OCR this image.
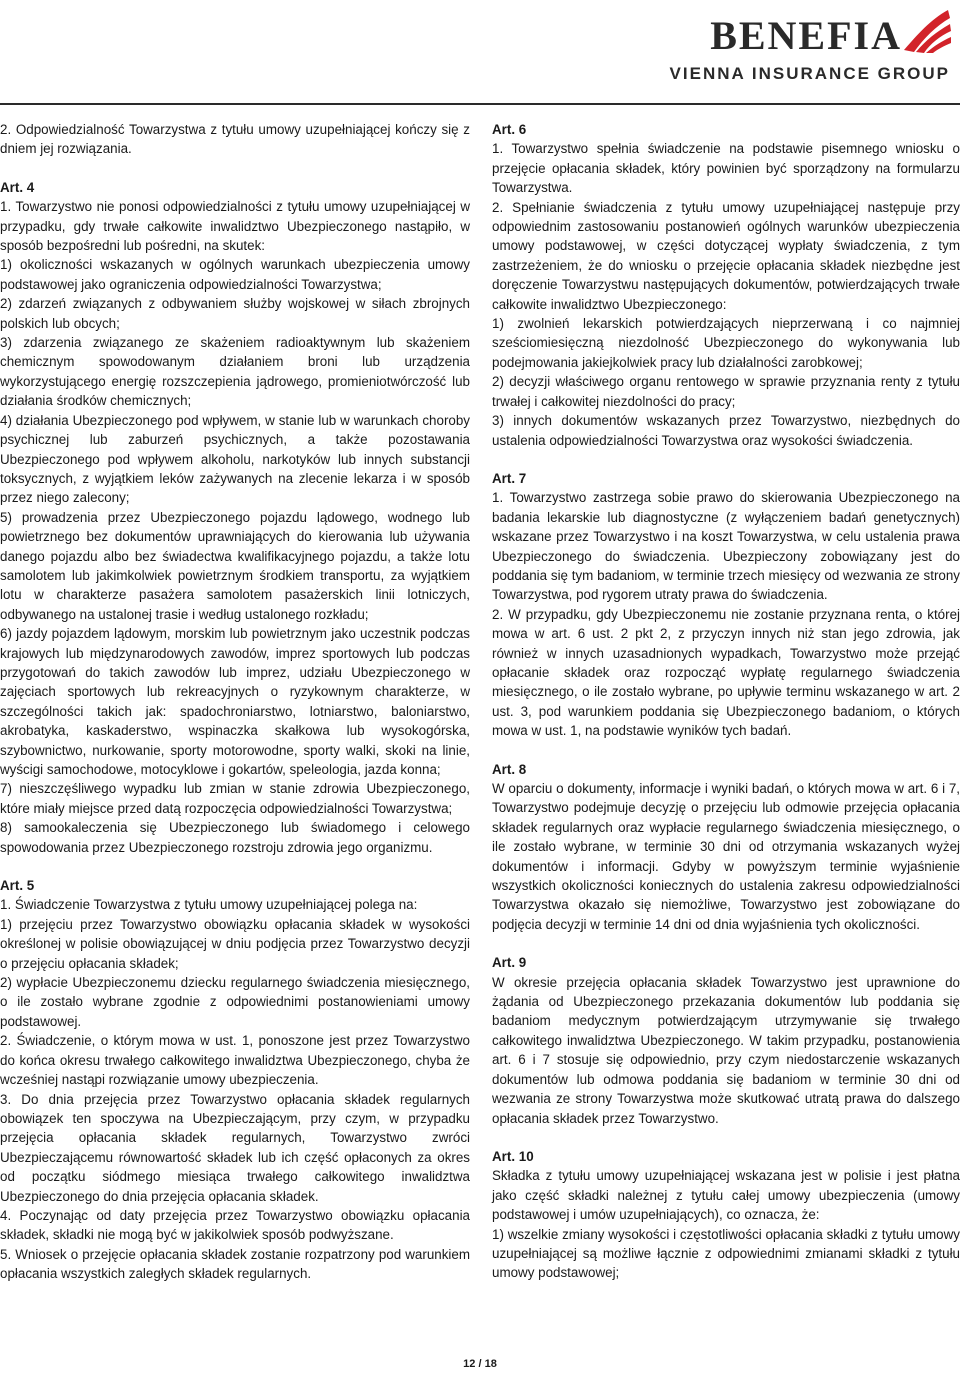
BENEFIA
VIENNA INSURANCE GROUP

2. Odpowiedzialność Towarzystwa z tytułu umowy uzupełniającej kończy się z dniem jej rozwiązania.

Art. 4

1. Towarzystwo nie ponosi odpowiedzialności z tytułu umowy uzupełniającej w przypadku, gdy trwałe całkowite inwalidztwo Ubezpieczonego nastąpiło, w sposób bezpośredni lub pośredni, na skutek:

1) okoliczności wskazanych w ogólnych warunkach ubezpieczenia umowy podstawowej jako ograniczenia odpowiedzialności Towarzystwa;

2) zdarzeń związanych z odbywaniem służby wojskowej w siłach zbrojnych polskich lub obcych;

3) zdarzenia związanego ze skażeniem radioaktywnym lub skażeniem chemicznym spowodowanym działaniem broni lub urządzenia wykorzystującego energię rozszczepienia jądrowego, promieniotwórczość lub działania środków chemicznych;

4) działania Ubezpieczonego pod wpływem, w stanie lub w warunkach choroby psychicznej lub zaburzeń psychicznych, a także pozostawania Ubezpieczonego pod wpływem alkoholu, narkotyków lub innych substancji toksycznych, z wyjątkiem leków zażywanych na zlecenie lekarza i w sposób przez niego zalecony;

5) prowadzenia przez Ubezpieczonego pojazdu lądowego, wodnego lub powietrznego bez dokumentów uprawniających do kierowania lub używania danego pojazdu albo bez świadectwa kwalifikacyjnego pojazdu, a także lotu samolotem lub jakimkolwiek powietrznym środkiem transportu, za wyjątkiem lotu w charakterze pasażera samolotem pasażerskich linii lotniczych, odbywanego na ustalonej trasie i według ustalonego rozkładu;

6) jazdy pojazdem lądowym, morskim lub powietrznym jako uczestnik podczas krajowych lub międzynarodowych zawodów, imprez sportowych lub podczas przygotowań do takich zawodów lub imprez, udziału Ubezpieczonego w zajęciach sportowych lub rekreacyjnych o ryzykownym charakterze, w szczególności takich jak: spadochroniarstwo, lotniarstwo, baloniarstwo, akrobatyka, kaskaderstwo, wspinaczka skałkowa lub wysokogórska, szybownictwo, nurkowanie, sporty motorowodne, sporty walki, skoki na linie, wyścigi samochodowe, motocyklowe i gokartów, speleologia, jazda konna;

7) nieszczęśliwego wypadku lub zmian w stanie zdrowia Ubezpieczonego, które miały miejsce przed datą rozpoczęcia odpowiedzialności Towarzystwa;

8) samookaleczenia się Ubezpieczonego lub świadomego i celowego spowodowania przez Ubezpieczonego rozstroju zdrowia jego organizmu.

Art. 5

1. Świadczenie Towarzystwa z tytułu umowy uzupełniającej polega na:

1) przejęciu przez Towarzystwo obowiązku opłacania składek w wysokości określonej w polisie obowiązującej w dniu podjęcia przez Towarzystwo decyzji o przejęciu opłacania składek;

2) wypłacie Ubezpieczonemu dziecku regularnego świadczenia miesięcznego, o ile zostało wybrane zgodnie z odpowiednimi postanowieniami umowy podstawowej.

2. Świadczenie, o którym mowa w ust. 1, ponoszone jest przez Towarzystwo do końca okresu trwałego całkowitego inwalidztwa Ubezpieczonego, chyba że wcześniej nastąpi rozwiązanie umowy ubezpieczenia.

3. Do dnia przejęcia przez Towarzystwo opłacania składek regularnych obowiązek ten spoczywa na Ubezpieczającym, przy czym, w przypadku przejęcia opłacania składek regularnych, Towarzystwo zwróci Ubezpieczającemu równowartość składek lub ich część opłaconych za okres od początku siódmego miesiąca trwałego całkowitego inwalidztwa Ubezpieczonego do dnia przejęcia opłacania składek.

4. Poczynając od daty przejęcia przez Towarzystwo obowiązku opłacania składek, składki nie mogą być w jakikolwiek sposób podwyższane.

5. Wniosek o przejęcie opłacania składek zostanie rozpatrzony pod warunkiem opłacania wszystkich zaległych składek regularnych.

Art. 6

1. Towarzystwo spełnia świadczenie na podstawie pisemnego wniosku o przejęcie opłacania składek, który powinien być sporządzony na formularzu Towarzystwa.

2. Spełnianie świadczenia z tytułu umowy uzupełniającej następuje przy odpowiednim zastosowaniu postanowień ogólnych warunków ubezpieczenia umowy podstawowej, w części dotyczącej wypłaty świadczenia, z tym zastrzeżeniem, że do wniosku o przejęcie opłacania składek niezbędne jest doręczenie Towarzystwu następujących dokumentów, potwierdzających trwałe całkowite inwalidztwo Ubezpieczonego:

1) zwolnień lekarskich potwierdzających nieprzerwaną i co najmniej sześciomiesięczną niezdolność Ubezpieczonego do wykonywania lub podejmowania jakiejkolwiek pracy lub działalności zarobkowej;

2) decyzji właściwego organu rentowego w sprawie przyznania renty z tytułu trwałej i całkowitej niezdolności do pracy;

3) innych dokumentów wskazanych przez Towarzystwo, niezbędnych do ustalenia odpowiedzialności Towarzystwa oraz wysokości świadczenia.

Art. 7

1. Towarzystwo zastrzega sobie prawo do skierowania Ubezpieczonego na badania lekarskie lub diagnostyczne (z wyłączeniem badań genetycznych) wskazane przez Towarzystwo i na koszt Towarzystwa, w celu ustalenia prawa Ubezpieczonego do świadczenia. Ubezpieczony zobowiązany jest do poddania się tym badaniom, w terminie trzech miesięcy od wezwania ze strony Towarzystwa, pod rygorem utraty prawa do świadczenia.

2. W przypadku, gdy Ubezpieczonemu nie zostanie przyznana renta, o której mowa w art. 6 ust. 2 pkt 2, z przyczyn innych niż stan jego zdrowia, jak również w innych uzasadnionych wypadkach, Towarzystwo może przejąć opłacanie składek oraz rozpocząć wypłatę regularnego świadczenia miesięcznego, o ile zostało wybrane, po upływie terminu wskazanego w art. 2 ust. 3, pod warunkiem poddania się Ubezpieczonego badaniom, o których mowa w ust. 1, na podstawie wyników tych badań.

Art. 8

W oparciu o dokumenty, informacje i wyniki badań, o których mowa w art. 6 i 7, Towarzystwo podejmuje decyzję o przejęciu lub odmowie przejęcia opłacania składek regularnych oraz wypłacie regularnego świadczenia miesięcznego, o ile zostało wybrane, w terminie 30 dni od otrzymania wskazanych wyżej dokumentów i informacji. Gdyby w powyższym terminie wyjaśnienie wszystkich okoliczności koniecznych do ustalenia zakresu odpowiedzialności Towarzystwa okazało się niemożliwe, Towarzystwo jest zobowiązane do podjęcia decyzji w terminie 14 dni od dnia wyjaśnienia tych okoliczności.

Art. 9

W okresie przejęcia opłacania składek Towarzystwo jest uprawnione do żądania od Ubezpieczonego przekazania dokumentów lub poddania się badaniom medycznym potwierdzającym utrzymywanie się trwałego całkowitego inwalidztwa Ubezpieczonego. W takim przypadku, postanowienia art. 6 i 7 stosuje się odpowiednio, przy czym niedostarczenie wskazanych dokumentów lub odmowa poddania się badaniom w terminie 30 dni od wezwania ze strony Towarzystwa może skutkować utratą prawa do dalszego opłacania składek przez Towarzystwo.

Art. 10

Składka z tytułu umowy uzupełniającej wskazana jest w polisie i jest płatna jako część składki należnej z tytułu całej umowy ubezpieczenia (umowy podstawowej i umów uzupełniających), co oznacza, że:

1) wszelkie zmiany wysokości i częstotliwości opłacania składki z tytułu umowy uzupełniającej są możliwe łącznie z odpowiednimi zmianami składki z tytułu umowy podstawowej;

12 / 18
